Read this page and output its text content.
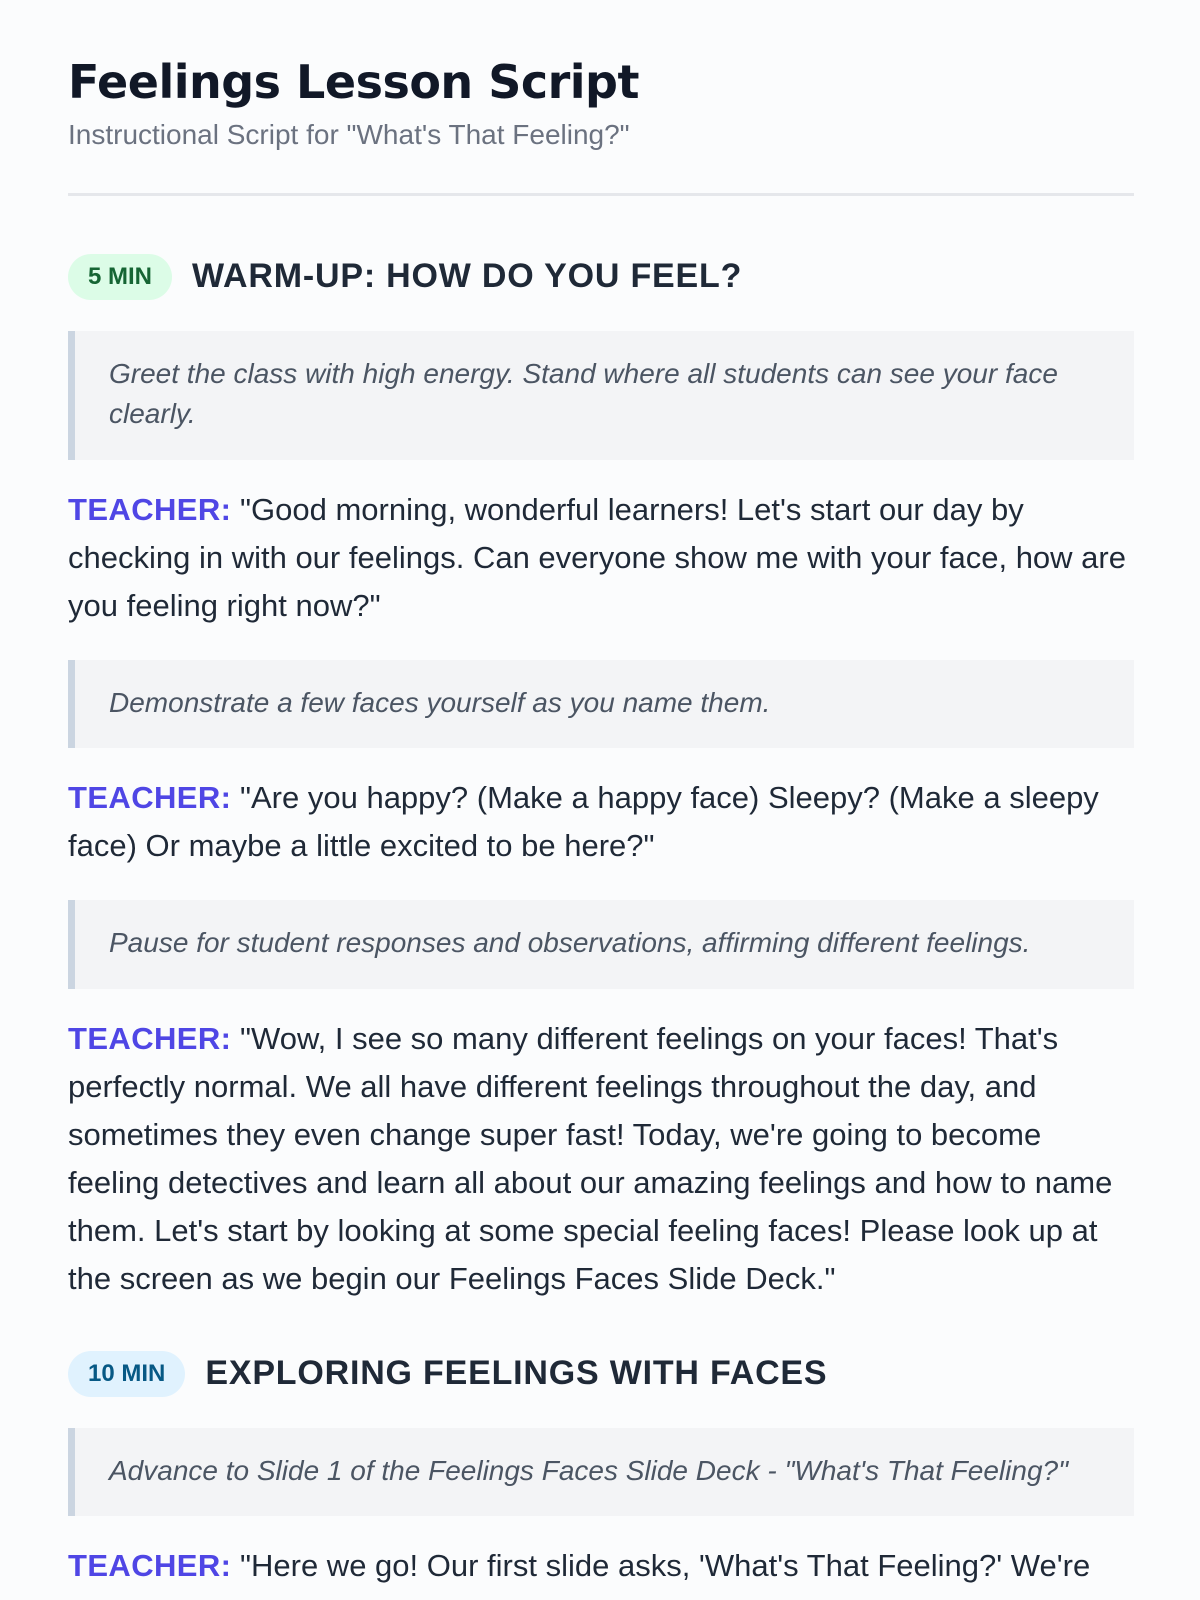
Feelings Lesson Script
Instructional Script for "What's That Feeling?"
5 MIN	WARM-UP: HOW DO YOU FEEL?
Greet the class with high energy. Stand where all students can see your face clearly.

TEACHER: "Good morning, wonderful learners! Let's start our day by checking in with our feelings. Can everyone show me with your face, how are you feeling right now?"

Demonstrate a few faces yourself as you name them.

TEACHER: "Are you happy? (Make a happy face) Sleepy? (Make a sleepy face) Or maybe a little excited to be here?"

Pause for student responses and observations, affirming different feelings.

TEACHER: "Wow, I see so many different feelings on your faces! That's perfectly normal. We all have different feelings throughout the day, and sometimes they even change super fast! Today, we're going to become feeling detectives and learn all about our amazing feelings and how to name them. Let's start by looking at some special feeling faces! Please look up at the screen as we begin our Feelings Faces Slide Deck."

10 MIN	EXPLORING FEELINGS WITH FACES
Advance to Slide 1 of the Feelings Faces Slide Deck - "What's That Feeling?"

TEACHER: "Here we go! Our first slide asks, 'What's That Feeling?' We're
